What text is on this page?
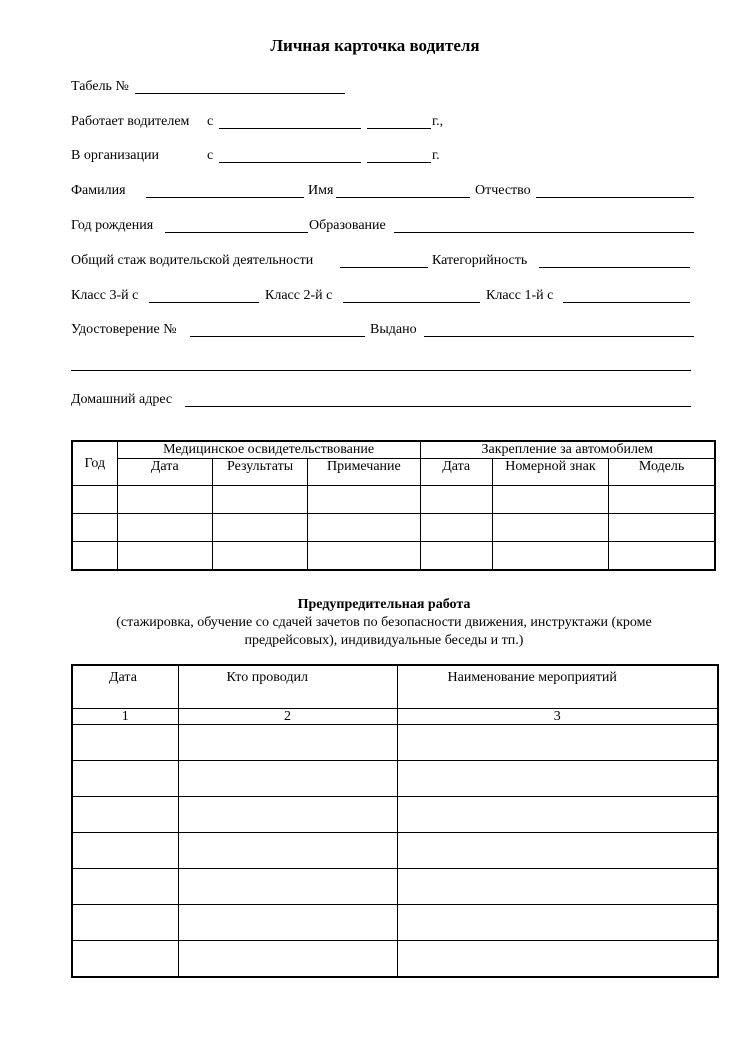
Личная карточка водителя
Табель №
Работает водителем с	г.,
В организации	с	г.
Фамилия	Имя	Отчество
Год рождения	Образование
Общий стаж водительской деятельности	Категорийность
Класс 3-й с	Класс 2-й с	Класс 1-й с
Удостоверение №	Выдано
Домашний адрес
Год	Медицинское освидетельствование			Закрепление за автомобилем		
	Дата	Результаты	Примечание	Дата	Номерной знак	Модель

Предупредительная работа
(стажировка, обучение со сдачей зачетов по безопасности движения, инструктажи (кроме
предрейсовых), индивидуальные беседы и тп.)
Дата	Кто проводил	Наименование мероприятий
1	2	3
